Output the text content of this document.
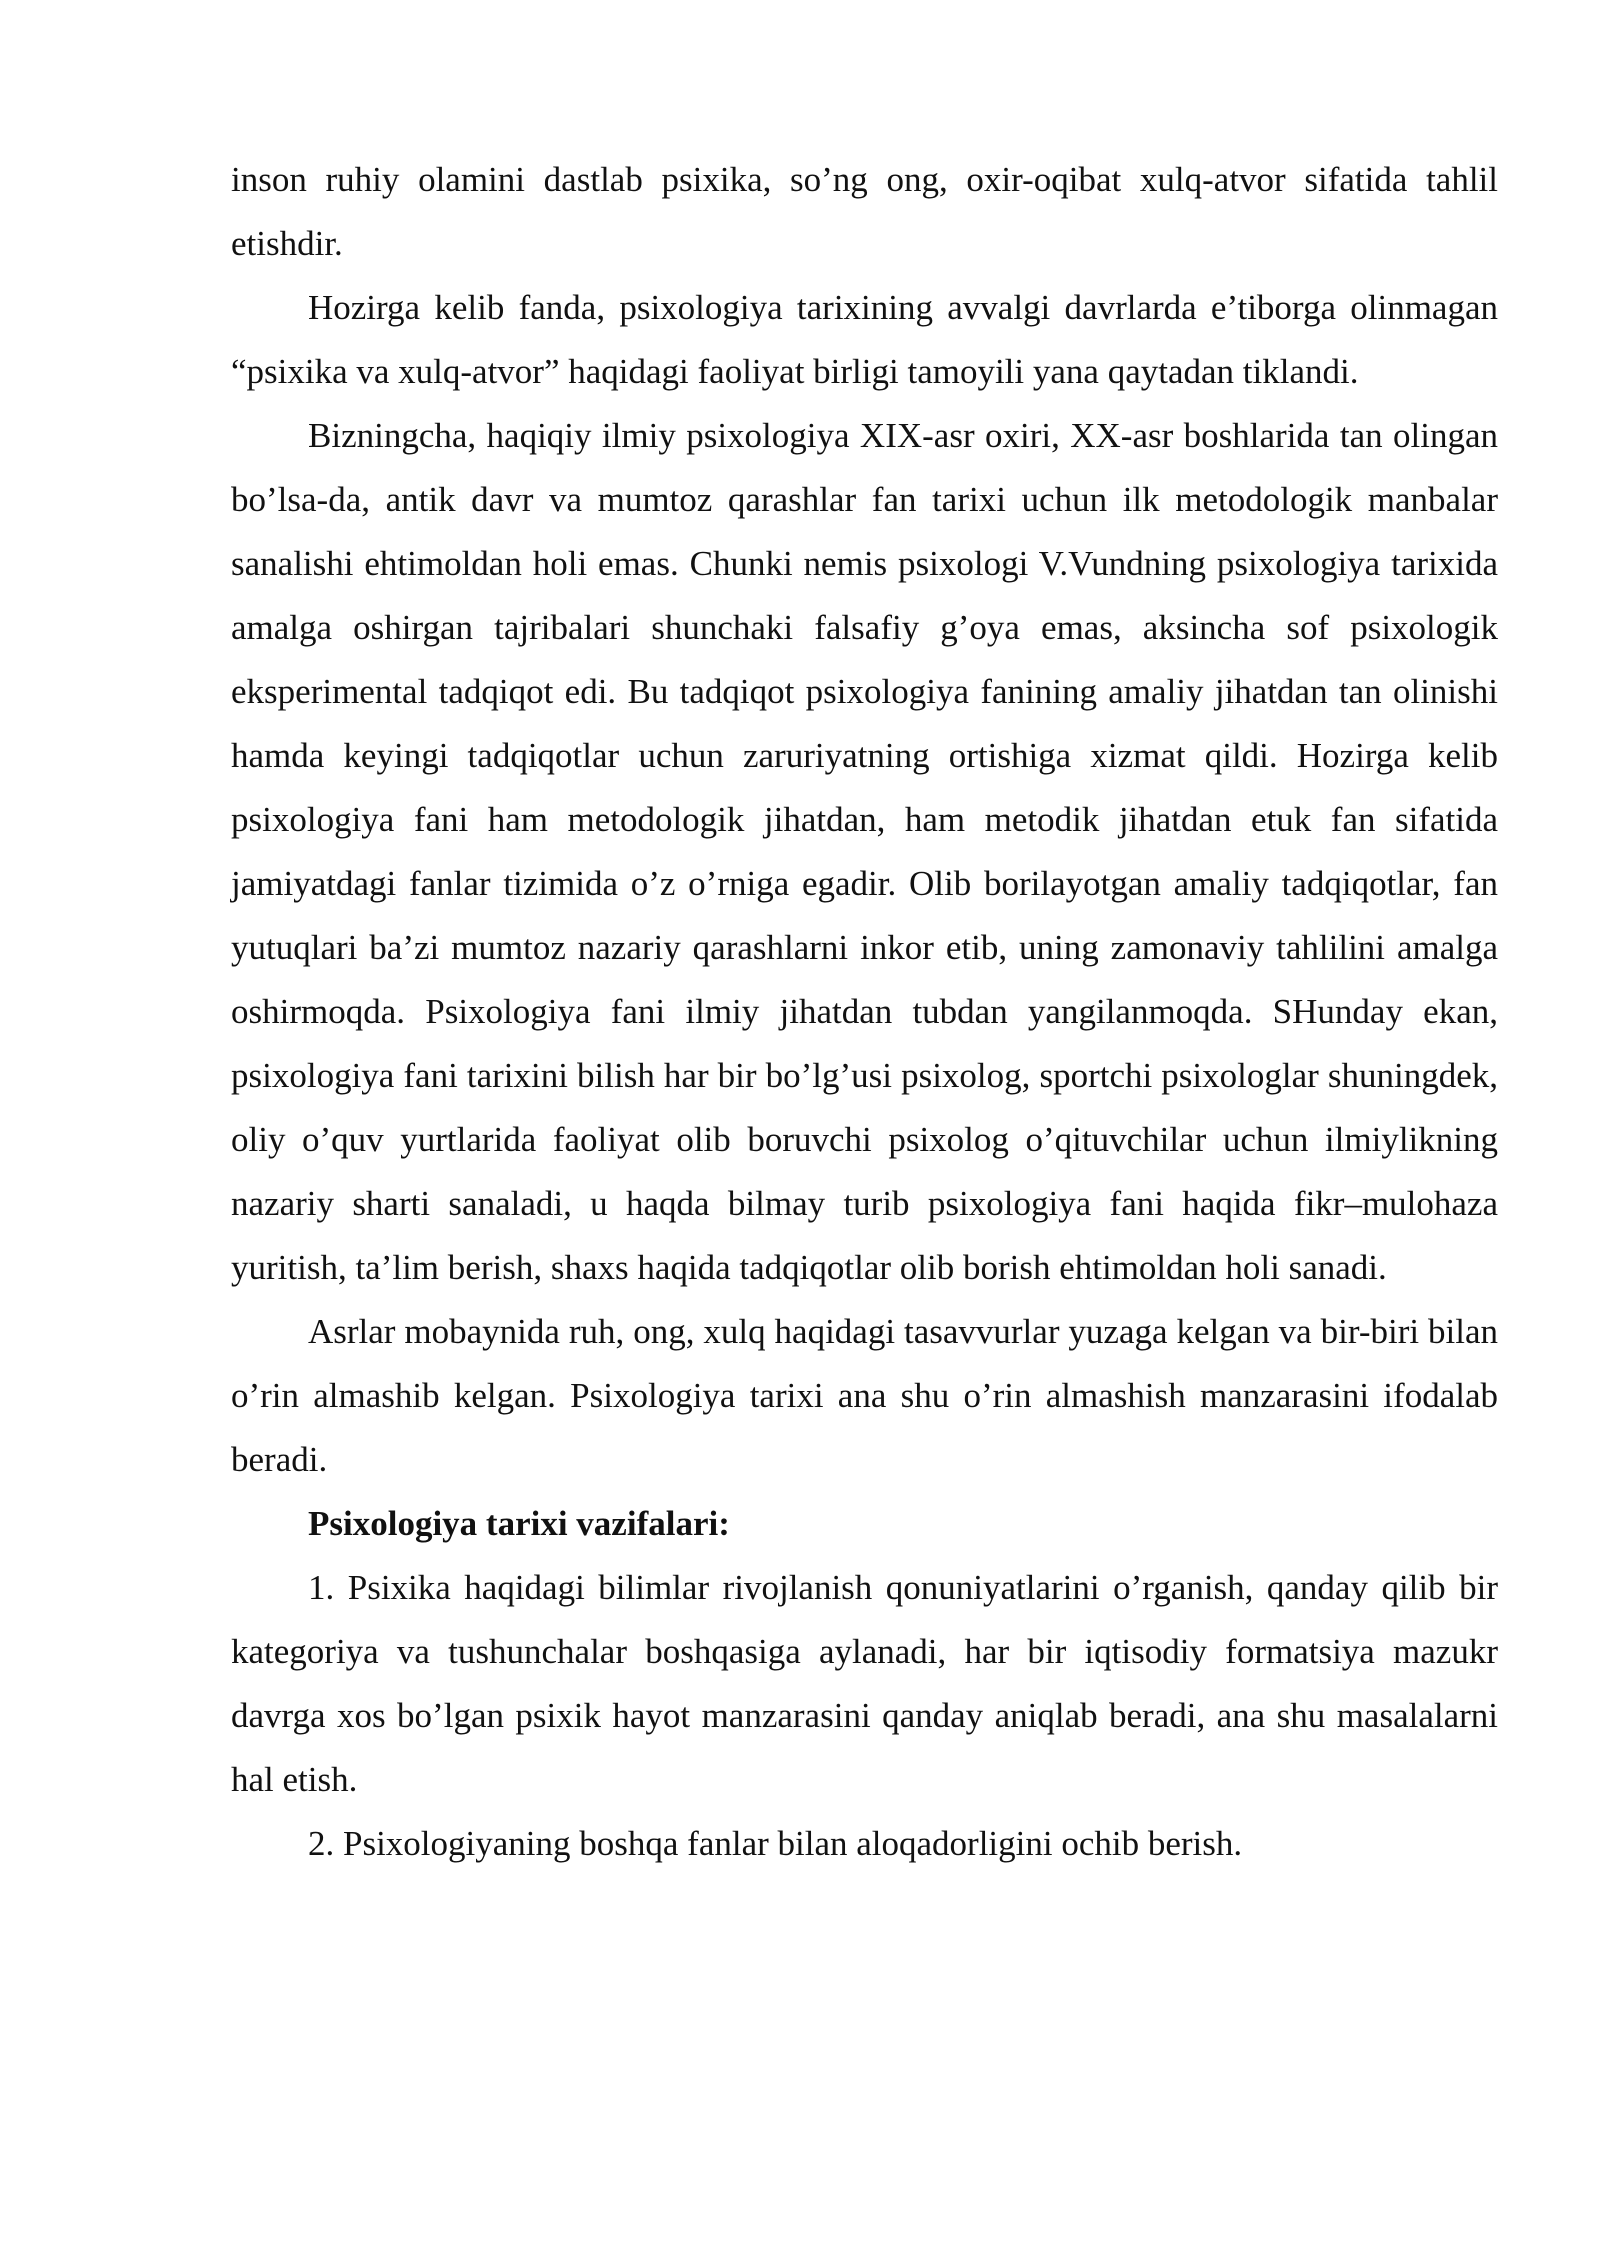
inson ruhiy olamini dastlab psixika, so’ng ong, oxir-oqibat xulq-atvor sifatida tahlil etishdir.

Hozirga kelib fanda, psixologiya tarixining avvalgi davrlarda e’tiborga olinmagan “psixika va xulq-atvor” haqidagi faoliyat birligi tamoyili yana qaytadan tiklandi.

Bizningcha, haqiqiy ilmiy psixologiya XIX-asr oxiri, XX-asr boshlarida tan olingan bo’lsa-da, antik davr va mumtoz qarashlar fan tarixi uchun ilk metodologik manbalar sanalishi ehtimoldan holi emas. Chunki nemis psixologi V.Vundning psixologiya tarixida amalga oshirgan tajribalari shunchaki falsafiy g’oya emas, aksincha sof psixologik eksperimental tadqiqot edi. Bu tadqiqot psixologiya fanining amaliy jihatdan tan olinishi hamda keyingi tadqiqotlar uchun zaruriyatning ortishiga xizmat qildi. Hozirga kelib psixologiya fani ham metodologik jihatdan, ham metodik jihatdan etuk fan sifatida jamiyatdagi fanlar tizimida o’z o’rniga egadir. Olib borilayotgan amaliy tadqiqotlar, fan yutuqlari ba’zi mumtoz nazariy qarashlarni inkor etib, uning zamonaviy tahlilini amalga oshirmoqda. Psixologiya fani ilmiy jihatdan tubdan yangilanmoqda. SHunday ekan, psixologiya fani tarixini bilish har bir bo’lg’usi psixolog, sportchi psixologlar shuningdek, oliy o’quv yurtlarida faoliyat olib boruvchi psixolog o’qituvchilar uchun ilmiylikning nazariy sharti sanaladi, u haqda bilmay turib psixologiya fani haqida fikr–mulohaza yuritish, ta’lim berish, shaxs haqida tadqiqotlar olib borish ehtimoldan holi sanadi.

Asrlar mobaynida ruh, ong, xulq haqidagi tasavvurlar yuzaga kelgan va bir-biri bilan o’rin almashib kelgan. Psixologiya tarixi ana shu o’rin almashish manzarasini ifodalab beradi.

Psixologiya tarixi vazifalari:

1. Psixika haqidagi bilimlar rivojlanish qonuniyatlarini o’rganish, qanday qilib bir kategoriya va tushunchalar boshqasiga aylanadi, har bir iqtisodiy formatsiya mazukr davrga xos bo’lgan psixik hayot manzarasini qanday aniqlab beradi, ana shu masalalarni hal etish.

2. Psixologiyaning boshqa fanlar bilan aloqadorligini ochib berish.
